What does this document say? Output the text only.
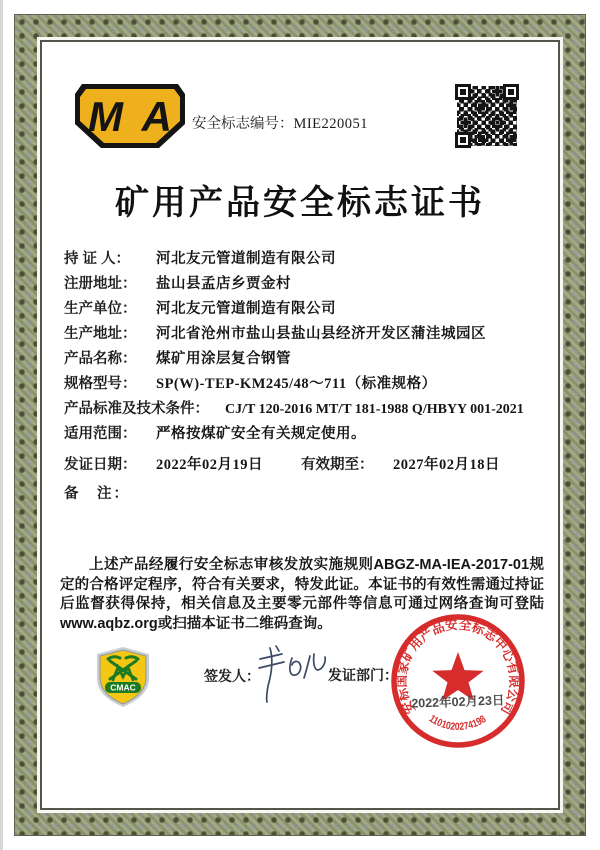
MA	安全标志编号：MIE220051
矿用产品安全标志证书
持 证 人：	河北友元管道制造有限公司
注册地址：	盐山县孟店乡贾金村
生产单位：	河北友元管道制造有限公司
生产地址：	河北省沧州市盐山县盐山县经济开发区蒲洼城园区
产品名称：	煤矿用涂层复合钢管
规格型号：	SP(W)-TEP-KM245/48～711（标准规格）
产品标准及技术条件： CJ/T 120-2016 MT/T 181-1988 Q/HBYY 001-2021
适用范围：	严格按煤矿安全有关规定使用。
发证日期：	2022年02月19日	有效期至：	2027年02月18日
备　注：
上述产品经履行安全标志审核发放实施规则ABGZ-MA-IEA-2017-01规定的合格评定程序，符合有关要求，特发此证。本证书的有效性需通过持证后监督获得保持，相关信息及主要零元部件等信息可通过网络查询可登陆www.aqbz.org或扫描本证书二维码查询。
CMAC
签发人：	发证部门：
安标国家矿用产品安全标志中心有限公司
2022年02月23日
1101020274198
